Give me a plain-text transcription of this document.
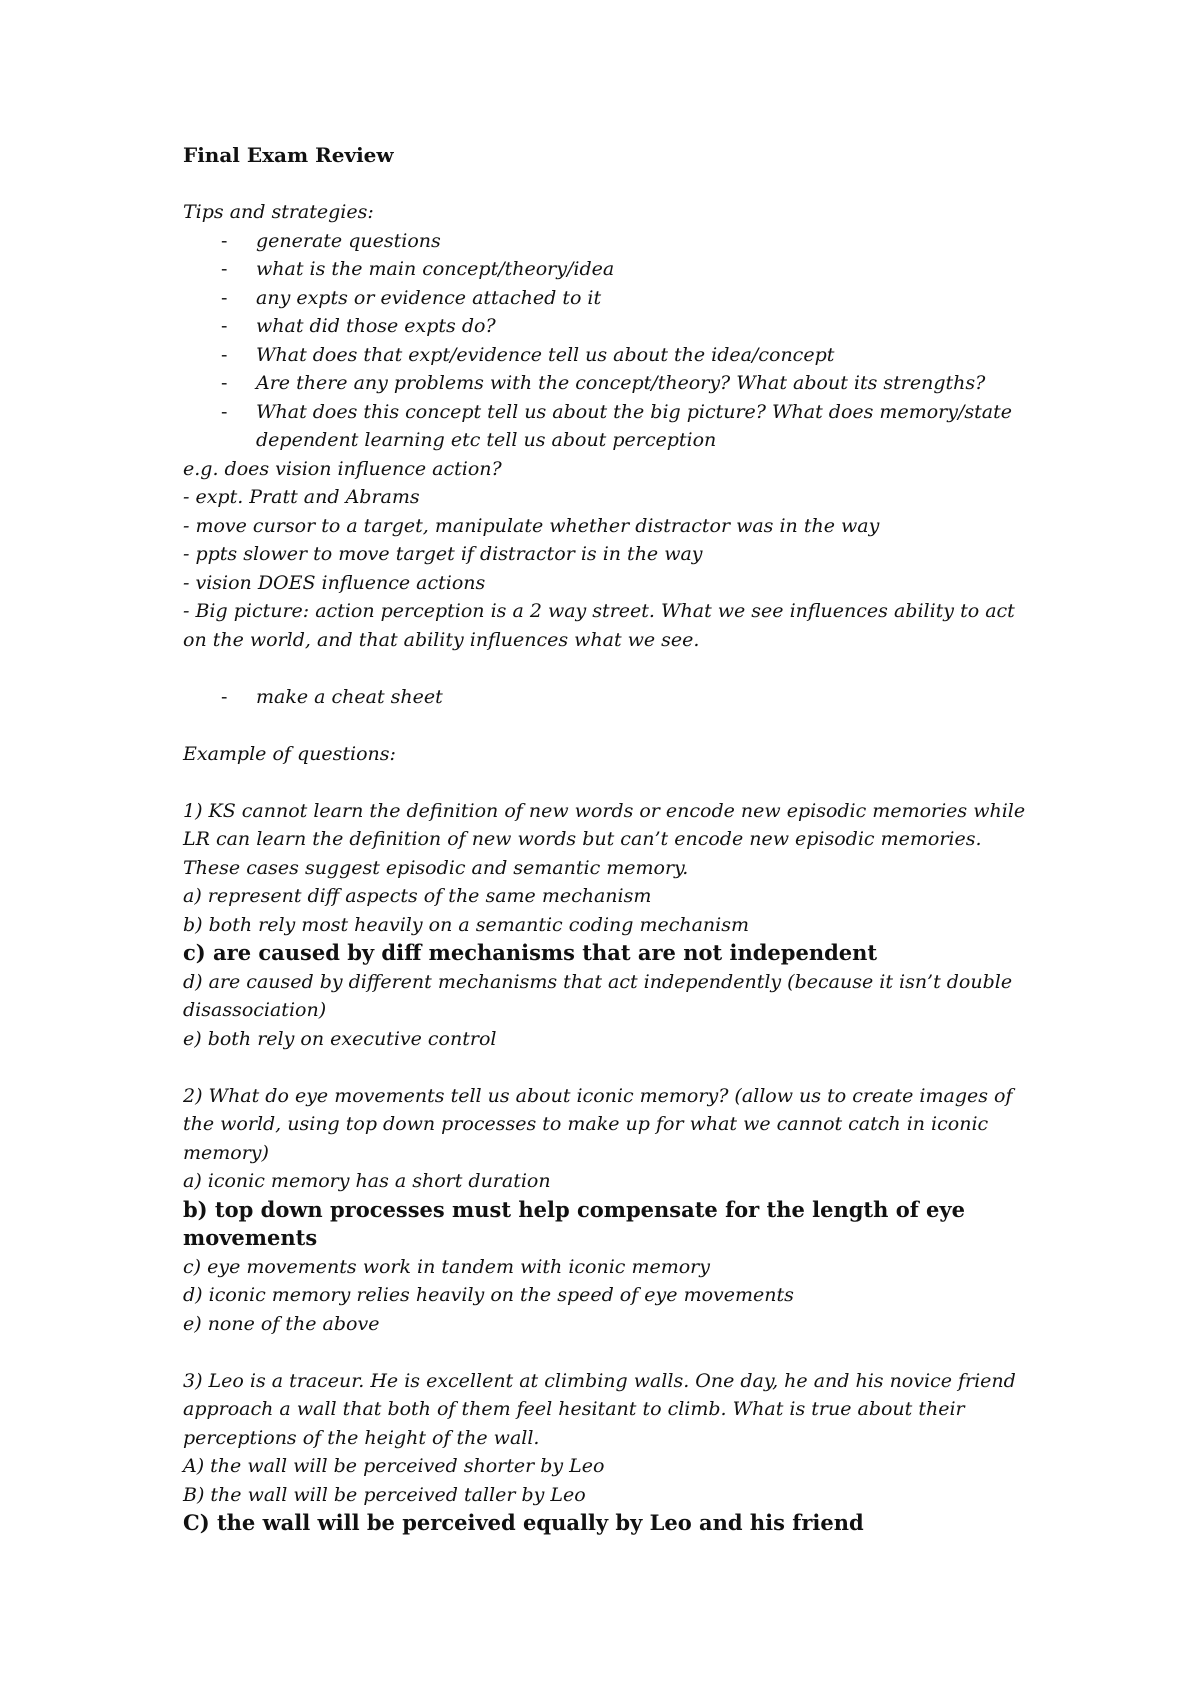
Final Exam Review

Tips and strategies:

- generate questions
- what is the main concept/theory/idea
- any expts or evidence attached to it
- what did those expts do?
- What does that expt/evidence tell us about the idea/concept
- Are there any problems with the concept/theory? What about its strengths?
- What does this concept tell us about the big picture? What does memory/state dependent learning etc tell us about perception

e.g. does vision influence action?

- expt. Pratt and Abrams

- move cursor to a target, manipulate whether distractor was in the way

- ppts slower to move target if distractor is in the way

- vision DOES influence actions

- Big picture: action perception is a 2 way street. What we see influences ability to act on the world, and that ability influences what we see.

- make a cheat sheet

Example of questions:

1) KS cannot learn the definition of new words or encode new episodic memories while LR can learn the definition of new words but can’t encode new episodic memories. These cases suggest episodic and semantic memory.

a) represent diff aspects of the same mechanism

b) both rely most heavily on a semantic coding mechanism

c) are caused by diff mechanisms that are not independent

d) are caused by different mechanisms that act independently (because it isn’t double disassociation)

e) both rely on executive control

2) What do eye movements tell us about iconic memory? (allow us to create images of the world, using top down processes to make up for what we cannot catch in iconic memory)

a) iconic memory has a short duration

b) top down processes must help compensate for the length of eye movements

c) eye movements work in tandem with iconic memory

d) iconic memory relies heavily on the speed of eye movements

e) none of the above

3) Leo is a traceur. He is excellent at climbing walls. One day, he and his novice friend approach a wall that both of them feel hesitant to climb. What is true about their perceptions of the height of the wall.

A) the wall will be perceived shorter by Leo

B) the wall will be perceived taller by Leo

C) the wall will be perceived equally by Leo and his friend
